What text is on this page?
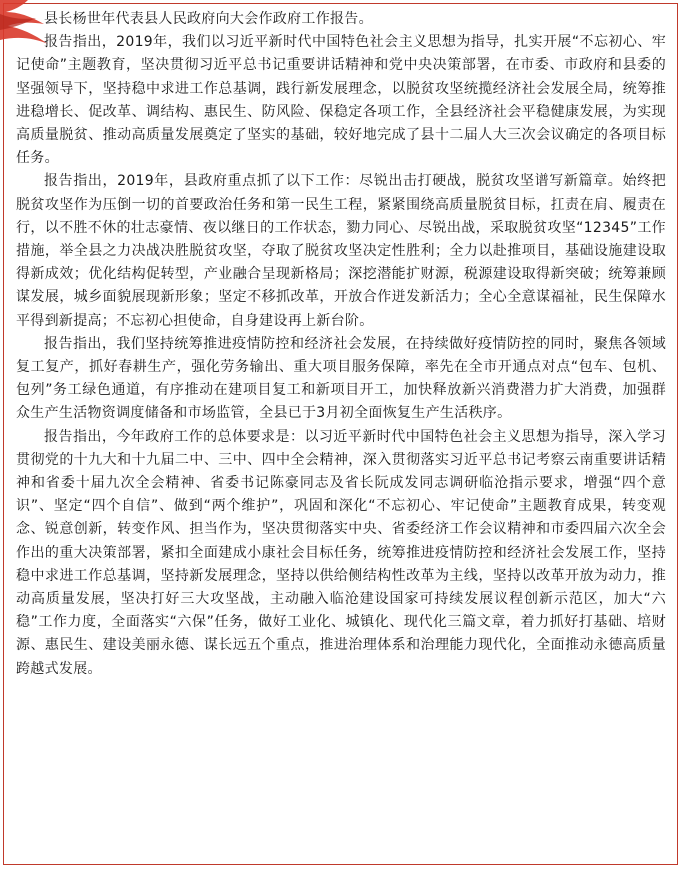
县长杨世年代表县人民政府向大会作政府工作报告。

报告指出，2019年，我们以习近平新时代中国特色社会主义思想为指导，扎实开展“不忘初心、牢记使命”主题教育，坚决贯彻习近平总书记重要讲话精神和党中央决策部署，在市委、市政府和县委的坚强领导下，坚持稳中求进工作总基调，践行新发展理念，以脱贫攻坚统揽经济社会发展全局，统筹推进稳增长、促改革、调结构、惠民生、防风险、保稳定各项工作，全县经济社会平稳健康发展，为实现高质量脱贫、推动高质量发展奠定了坚实的基础，较好地完成了县十二届人大三次会议确定的各项目标任务。

报告指出，2019年，县政府重点抓了以下工作：尽锐出击打硬战，脱贫攻坚谱写新篇章。始终把脱贫攻坚作为压倒一切的首要政治任务和第一民生工程，紧紧围绕高质量脱贫目标，扛责在肩、履责在行，以不胜不休的壮志豪情、夜以继日的工作状态，勠力同心、尽锐出战，采取脱贫攻坚“12345”工作措施，举全县之力决战决胜脱贫攻坚，夺取了脱贫攻坚决定性胜利；全力以赴推项目，基础设施建设取得新成效；优化结构促转型，产业融合呈现新格局；深挖潜能扩财源，税源建设取得新突破；统筹兼顾谋发展，城乡面貌展现新形象；坚定不移抓改革，开放合作迸发新活力；全心全意谋福祉，民生保障水平得到新提高；不忘初心担使命，自身建设再上新台阶。

报告指出，我们坚持统筹推进疫情防控和经济社会发展，在持续做好疫情防控的同时，聚焦各领域复工复产，抓好春耕生产，强化劳务输出、重大项目服务保障，率先在全市开通点对点“包车、包机、包列”务工绿色通道，有序推动在建项目复工和新项目开工，加快释放新兴消费潜力扩大消费，加强群众生产生活物资调度储备和市场监管，全县已于3月初全面恢复生产生活秩序。

报告指出，今年政府工作的总体要求是：以习近平新时代中国特色社会主义思想为指导，深入学习贯彻党的十九大和十九届二中、三中、四中全会精神，深入贯彻落实习近平总书记考察云南重要讲话精神和省委十届九次全会精神、省委书记陈豪同志及省长阮成发同志调研临沧指示要求，增强“四个意识”、坚定“四个自信”、做到“两个维护”，巩固和深化“不忘初心、牢记使命”主题教育成果，转变观念、锐意创新，转变作风、担当作为，坚决贯彻落实中央、省委经济工作会议精神和市委四届六次全会作出的重大决策部署，紧扣全面建成小康社会目标任务，统筹推进疫情防控和经济社会发展工作，坚持稳中求进工作总基调，坚持新发展理念，坚持以供给侧结构性改革为主线，坚持以改革开放为动力，推动高质量发展，坚决打好三大攻坚战，主动融入临沧建设国家可持续发展议程创新示范区，加大“六稳”工作力度，全面落实“六保”任务，做好工业化、城镇化、现代化三篇文章，着力抓好打基础、培财源、惠民生、建设美丽永德、谋长远五个重点，推进治理体系和治理能力现代化，全面推动永德高质量跨越式发展。
